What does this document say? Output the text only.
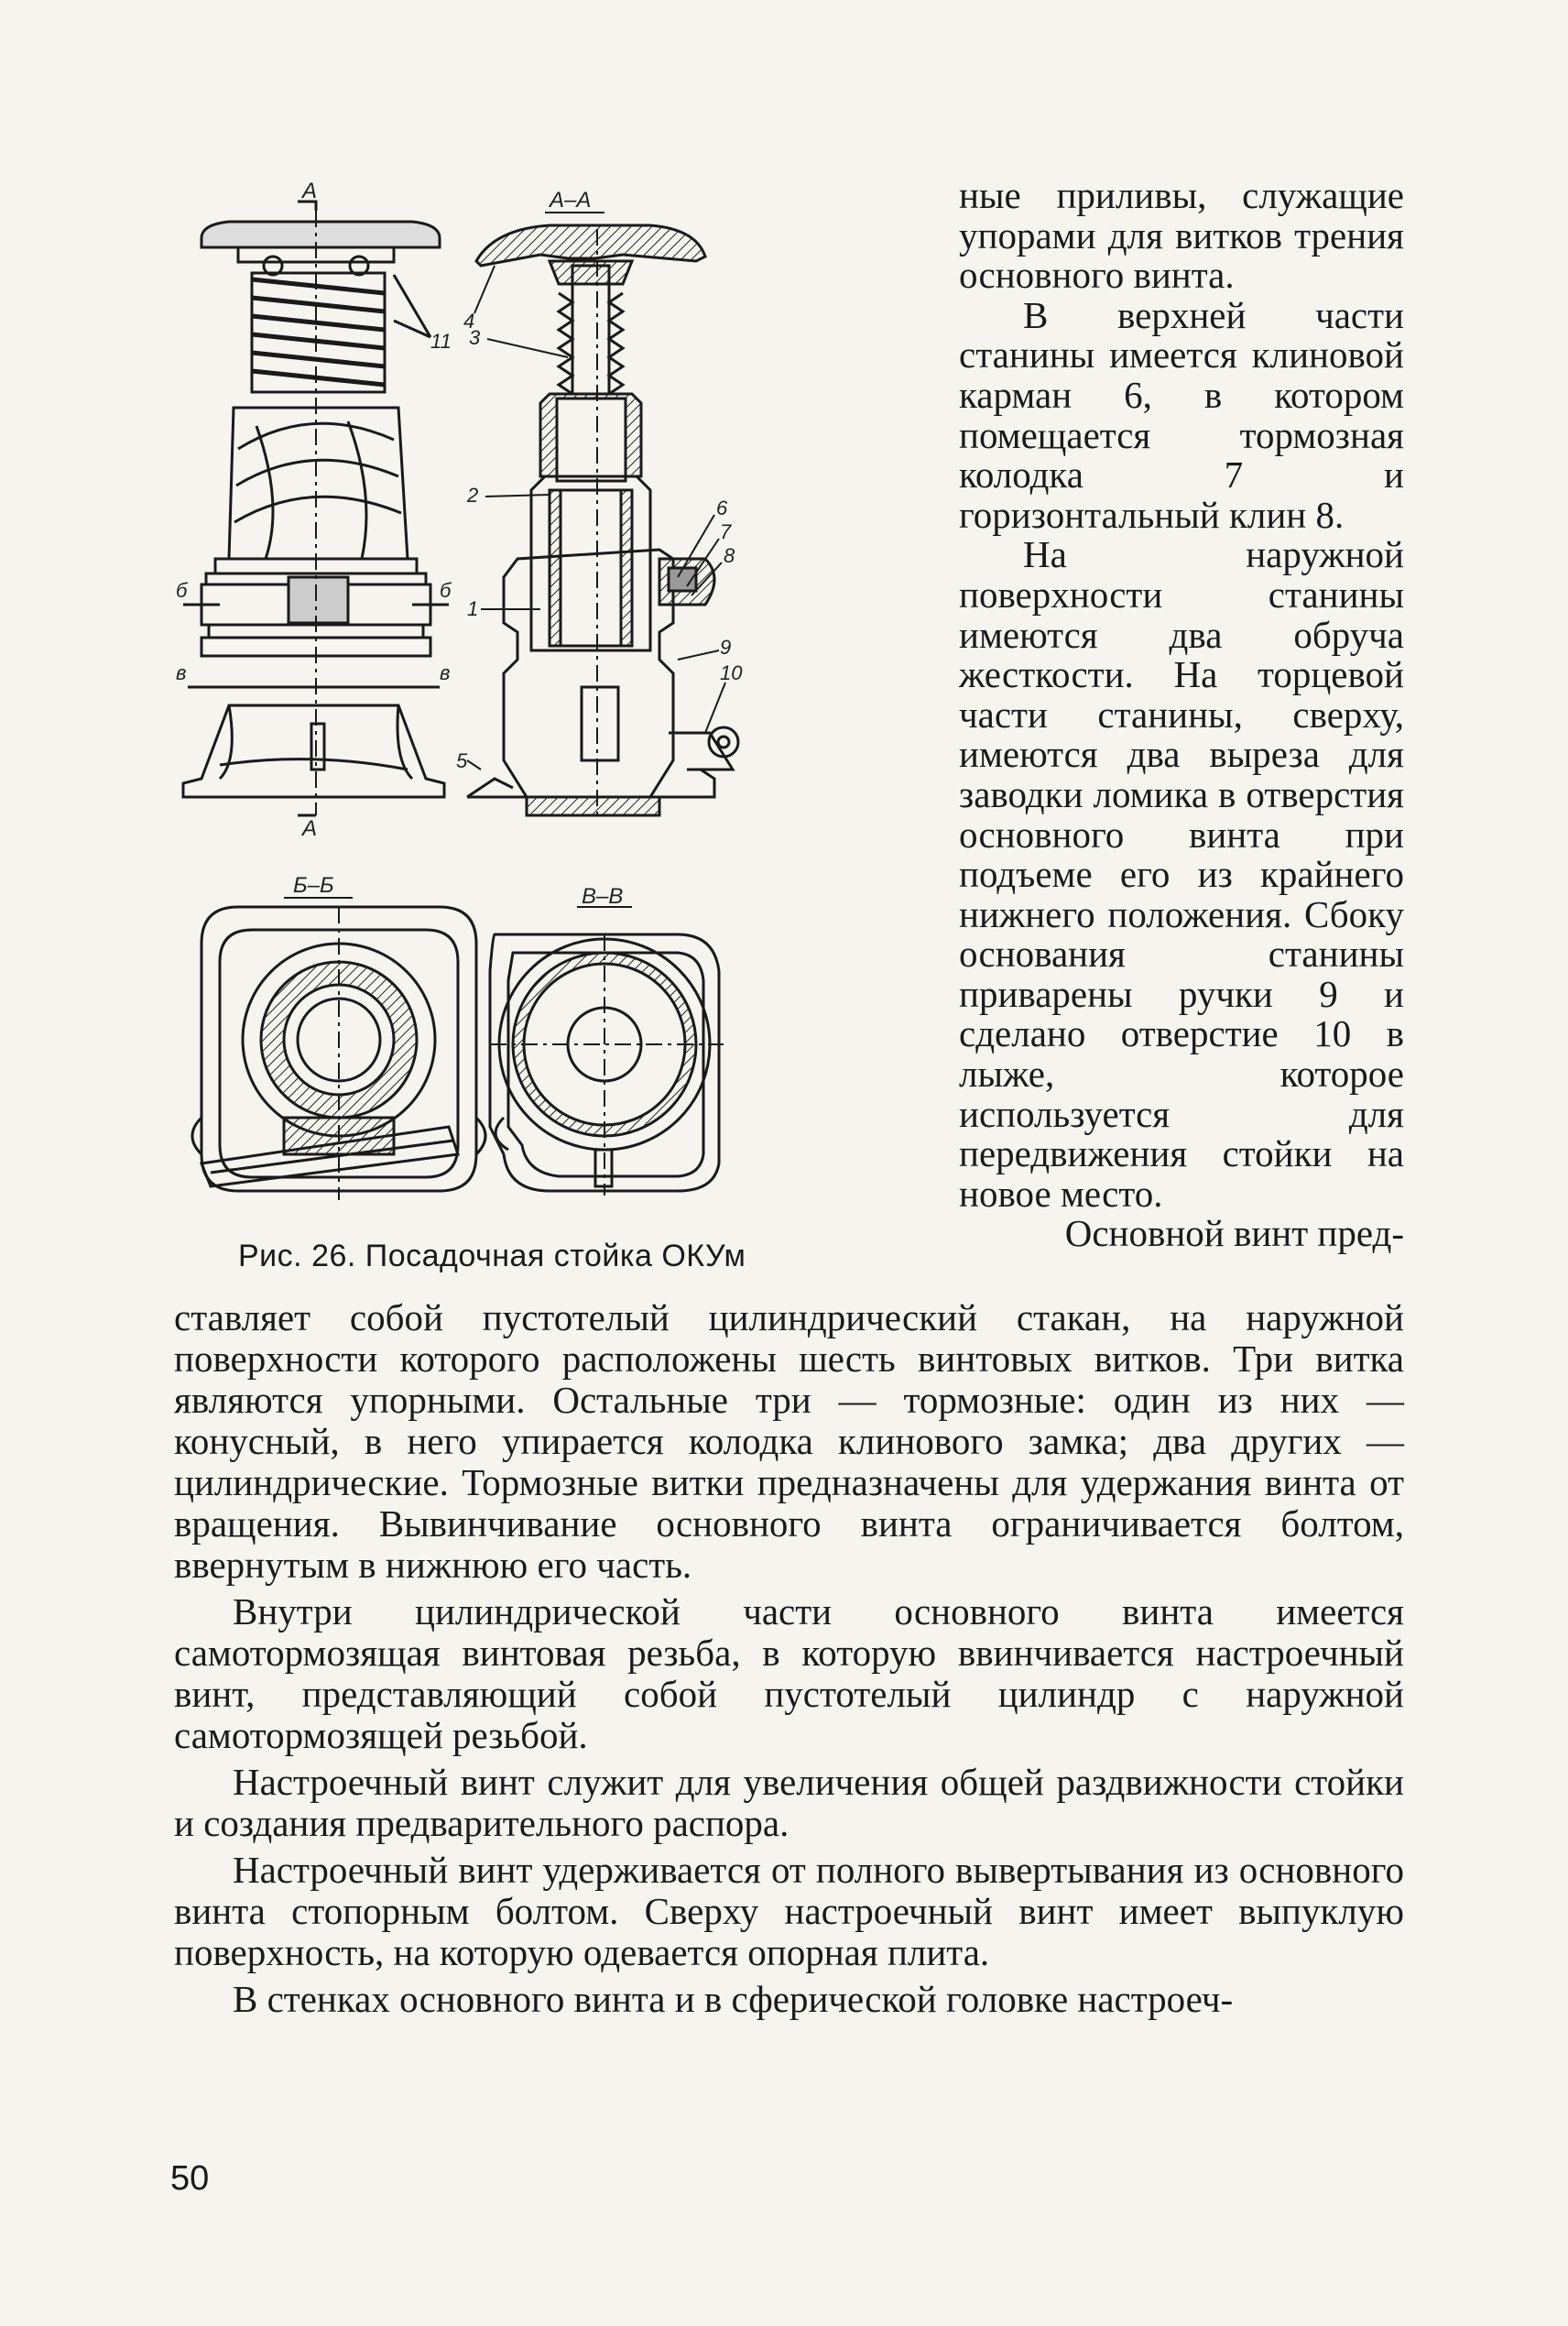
А
А
А–А
Б–Б	В–В
б	б
в	в
1
2
3
4
5
6
7
8
9
10
11
Рис. 26. Посадочная стойка ОКУм

ные приливы, служащие упорами для витков трения основного винта.

В верхней части станины имеется клиновой карман 6, в котором помещается тормозная колодка 7 и горизонтальный клин 8.

На наружной поверхности станины имеются два обруча жесткости. На торцевой части станины, сверху, имеются два выреза для заводки ломика в отверстия основного винта при подъеме его из крайнего нижнего положения. Сбоку основания станины приварены ручки 9 и сделано отверстие 10 в лыже, которое используется для передвижения стойки на новое место.

Основной винт пред-

ставляет собой пустотелый цилиндрический стакан, на наружной поверхности которого расположены шесть винтовых витков. Три витка являются упорными. Остальные три — тормозные: один из них — конусный, в него упирается колодка клинового замка; два других — цилиндрические. Тормозные витки предназначены для удержания винта от вращения. Вывинчивание основного винта ограничивается болтом, ввернутым в нижнюю его часть.

Внутри цилиндрической части основного винта имеется самотормозящая винтовая резьба, в которую ввинчивается настроечный винт, представляющий собой пустотелый цилиндр с наружной самотормозящей резьбой.

Настроечный винт служит для увеличения общей раздвижности стойки и создания предварительного распора.

Настроечный винт удерживается от полного вывертывания из основного винта стопорным болтом. Сверху настроечный винт имеет выпуклую поверхность, на которую одевается опорная плита.

В стенках основного винта и в сферической головке настроеч-

50
